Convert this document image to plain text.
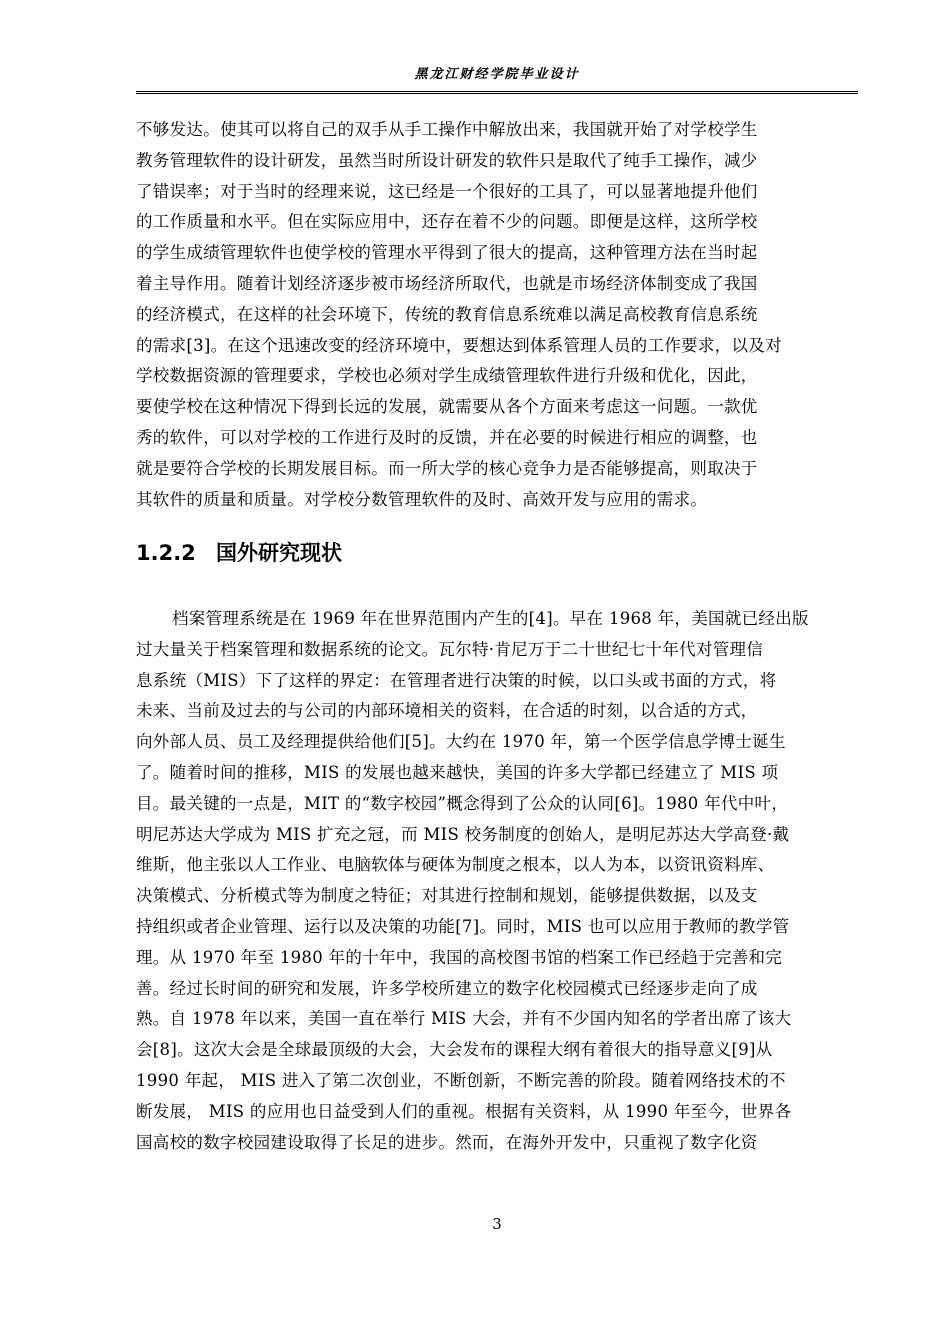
黑龙江财经学院毕业设计
不够发达。使其可以将自己的双手从手工操作中解放出来，我国就开始了对学校学生
教务管理软件的设计研发，虽然当时所设计研发的软件只是取代了纯手工操作，减少
了错误率；对于当时的经理来说，这已经是一个很好的工具了，可以显著地提升他们
的工作质量和水平。但在实际应用中，还存在着不少的问题。即便是这样，这所学校
的学生成绩管理软件也使学校的管理水平得到了很大的提高，这种管理方法在当时起
着主导作用。随着计划经济逐步被市场经济所取代，也就是市场经济体制变成了我国
的经济模式，在这样的社会环境下，传统的教育信息系统难以满足高校教育信息系统
的需求[3]。在这个迅速改变的经济环境中，要想达到体系管理人员的工作要求，以及对
学校数据资源的管理要求，学校也必须对学生成绩管理软件进行升级和优化，因此，
要使学校在这种情况下得到长远的发展，就需要从各个方面来考虑这一问题。一款优
秀的软件，可以对学校的工作进行及时的反馈，并在必要的时候进行相应的调整，也
就是要符合学校的长期发展目标。而一所大学的核心竞争力是否能够提高，则取决于
其软件的质量和质量。对学校分数管理软件的及时、高效开发与应用的需求。
1.2.2 国外研究现状
档案管理系统是在 1969 年在世界范围内产生的[4]。早在 1968 年，美国就已经出版
过大量关于档案管理和数据系统的论文。瓦尔特·肯尼万于二十世纪七十年代对管理信
息系统（MIS）下了这样的界定：在管理者进行决策的时候，以口头或书面的方式，将
未来、当前及过去的与公司的内部环境相关的资料，在合适的时刻，以合适的方式，
向外部人员、员工及经理提供给他们[5]。大约在 1970 年，第一个医学信息学博士诞生
了。随着时间的推移，MIS 的发展也越来越快，美国的许多大学都已经建立了 MIS 项
目。最关键的一点是，MIT 的“数字校园”概念得到了公众的认同[6]。1980 年代中叶，
明尼苏达大学成为 MIS 扩充之冠，而 MIS 校务制度的创始人，是明尼苏达大学高登·戴
维斯，他主张以人工作业、电脑软体与硬体为制度之根本，以人为本，以资讯资料库、
决策模式、分析模式等为制度之特征；对其进行控制和规划，能够提供数据，以及支
持组织或者企业管理、运行以及决策的功能[7]。同时，MIS 也可以应用于教师的教学管
理。从 1970 年至 1980 年的十年中，我国的高校图书馆的档案工作已经趋于完善和完
善。经过长时间的研究和发展，许多学校所建立的数字化校园模式已经逐步走向了成
熟。自 1978 年以来，美国一直在举行 MIS 大会，并有不少国内知名的学者出席了该大
会[8]。这次大会是全球最顶级的大会，大会发布的课程大纲有着很大的指导意义[9]从
1990 年起， MIS 进入了第二次创业，不断创新，不断完善的阶段。随着网络技术的不
断发展， MIS 的应用也日益受到人们的重视。根据有关资料，从 1990 年至今，世界各
国高校的数字校园建设取得了长足的进步。然而，在海外开发中，只重视了数字化资
3
